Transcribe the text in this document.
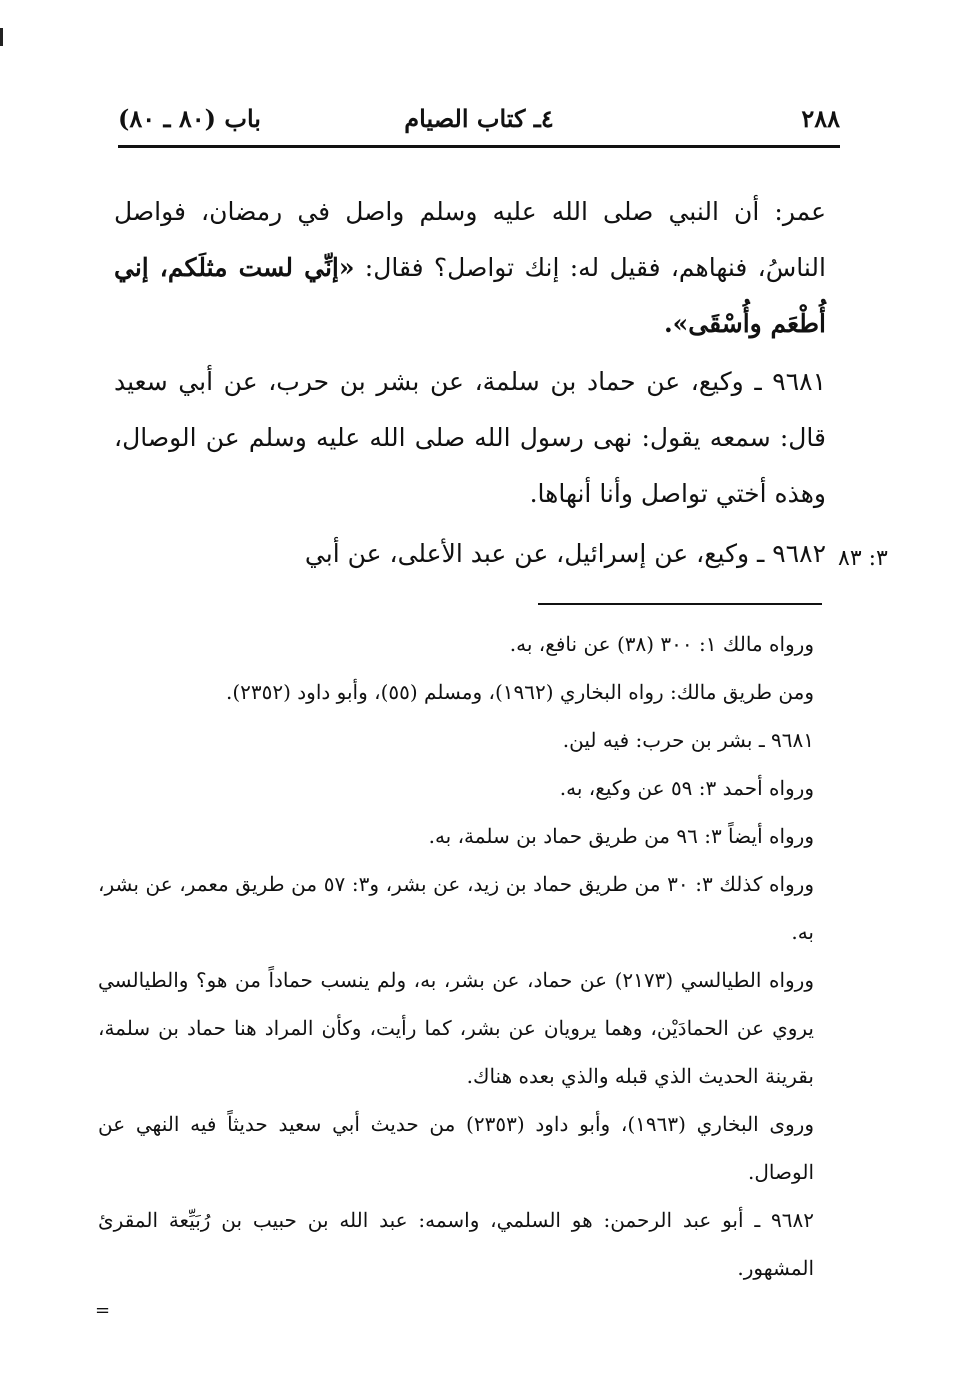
٢٨٨
٤ـ كتاب الصيام
باب (٨٠ ـ ٨٠)

عمر: أن النبي صلى الله عليه وسلم واصل في رمضان، فواصل الناسُ، فنهاهم، فقيل له: إنك تواصل؟ فقال: «إنِّي لست مثلَكم، إني أُطْعَم وأُسْقَى».

٩٦٨١ ـ وكيع، عن حماد بن سلمة، عن بشر بن حرب، عن أبي سعيد قال: سمعه يقول: نهى رسول الله صلى الله عليه وسلم عن الوصال، وهذه أختي تواصل وأنا أنهاها.

٩٦٨٢ ـ وكيع، عن إسرائيل، عن عبد الأعلى، عن أبي ٣: ٨٣

ورواه مالك ١: ٣٠٠ (٣٨) عن نافع، به.

ومن طريق مالك: رواه البخاري (١٩٦٢)، ومسلم (٥٥)، وأبو داود (٢٣٥٢).

٩٦٨١ ـ بشر بن حرب: فيه لين.

ورواه أحمد ٣: ٥٩ عن وكيع، به.

ورواه أيضاً ٣: ٩٦ من طريق حماد بن سلمة، به.

ورواه كذلك ٣: ٣٠ من طريق حماد بن زيد، عن بشر، و٣: ٥٧ من طريق معمر، عن بشر، به.

ورواه الطيالسي (٢١٧٣) عن حماد، عن بشر، به، ولم ينسب حماداً من هو؟ والطيالسي يروي عن الحمادَيْن، وهما يرويان عن بشر، كما رأيت، وكأن المراد هنا حماد بن سلمة، بقرينة الحديث الذي قبله والذي بعده هناك.

وروى البخاري (١٩٦٣)، وأبو داود (٢٣٥٣) من حديث أبي سعيد حديثاً فيه النهي عن الوصال.

٩٦٨٢ ـ أبو عبد الرحمن: هو السلمي، واسمه: عبد الله بن حبيب بن رُبَيِّعة المقرئ المشهور.

=
